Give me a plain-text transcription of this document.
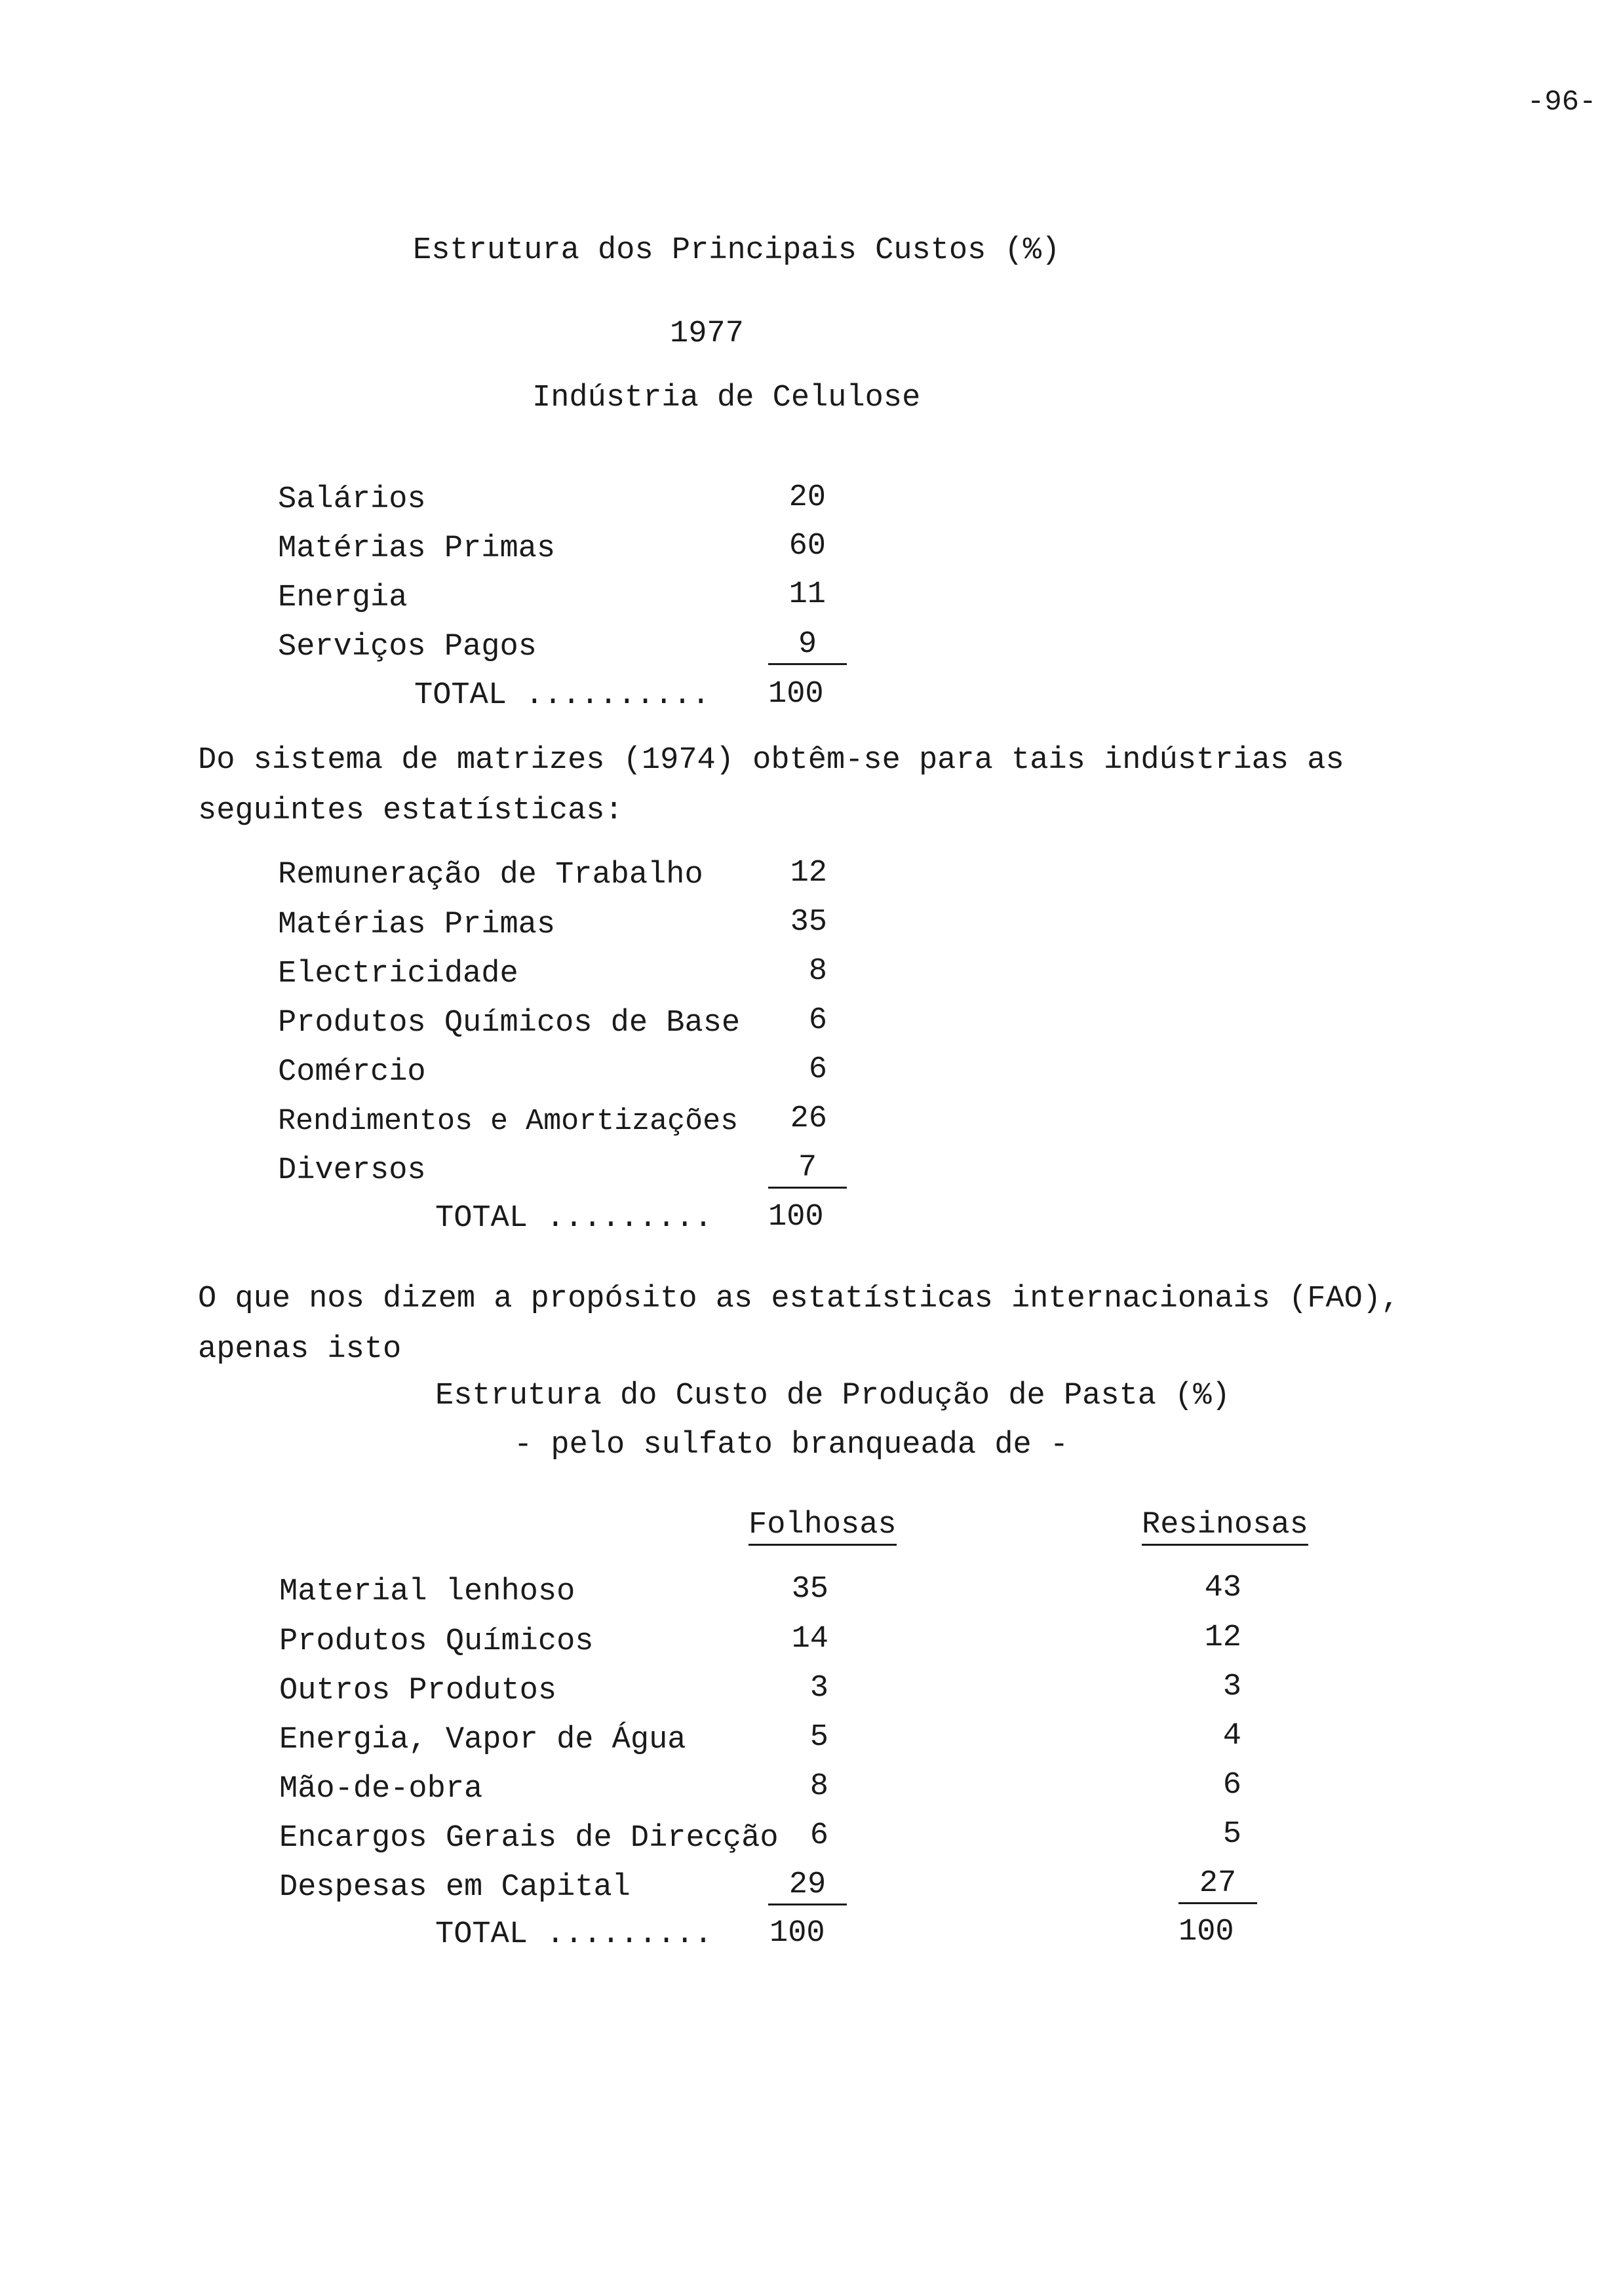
-96-
Estrutura dos Principais Custos (%)
1977
Indústria de Celulose
Salários	20
Matérias Primas	60
Energia	11
Serviços Pagos	9
TOTAL .......... 100
Do sistema de matrizes (1974) obtêm-se para tais indústrias as
seguintes estatísticas:
Remuneração de Trabalho	12
Matérias Primas	35
Electricidade	8
Produtos Químicos de Base	6
Comércio	6
Rendimentos e Amortizações	26
Diversos	7
TOTAL ......... 100
O que nos dizem a propósito as estatísticas internacionais (FAO),
apenas isto
Estrutura do Custo de Produção de Pasta (%)
- pelo sulfato branqueada de -
Folhosas	Resinosas
Material lenhoso	35	43
Produtos Químicos	14	12
Outros Produtos	3	3
Energia, Vapor de Água	5	4
Mão-de-obra	8	6
Encargos Gerais de Direcção	6	5
Despesas em Capital	29	27
TOTAL ......... 100	100
